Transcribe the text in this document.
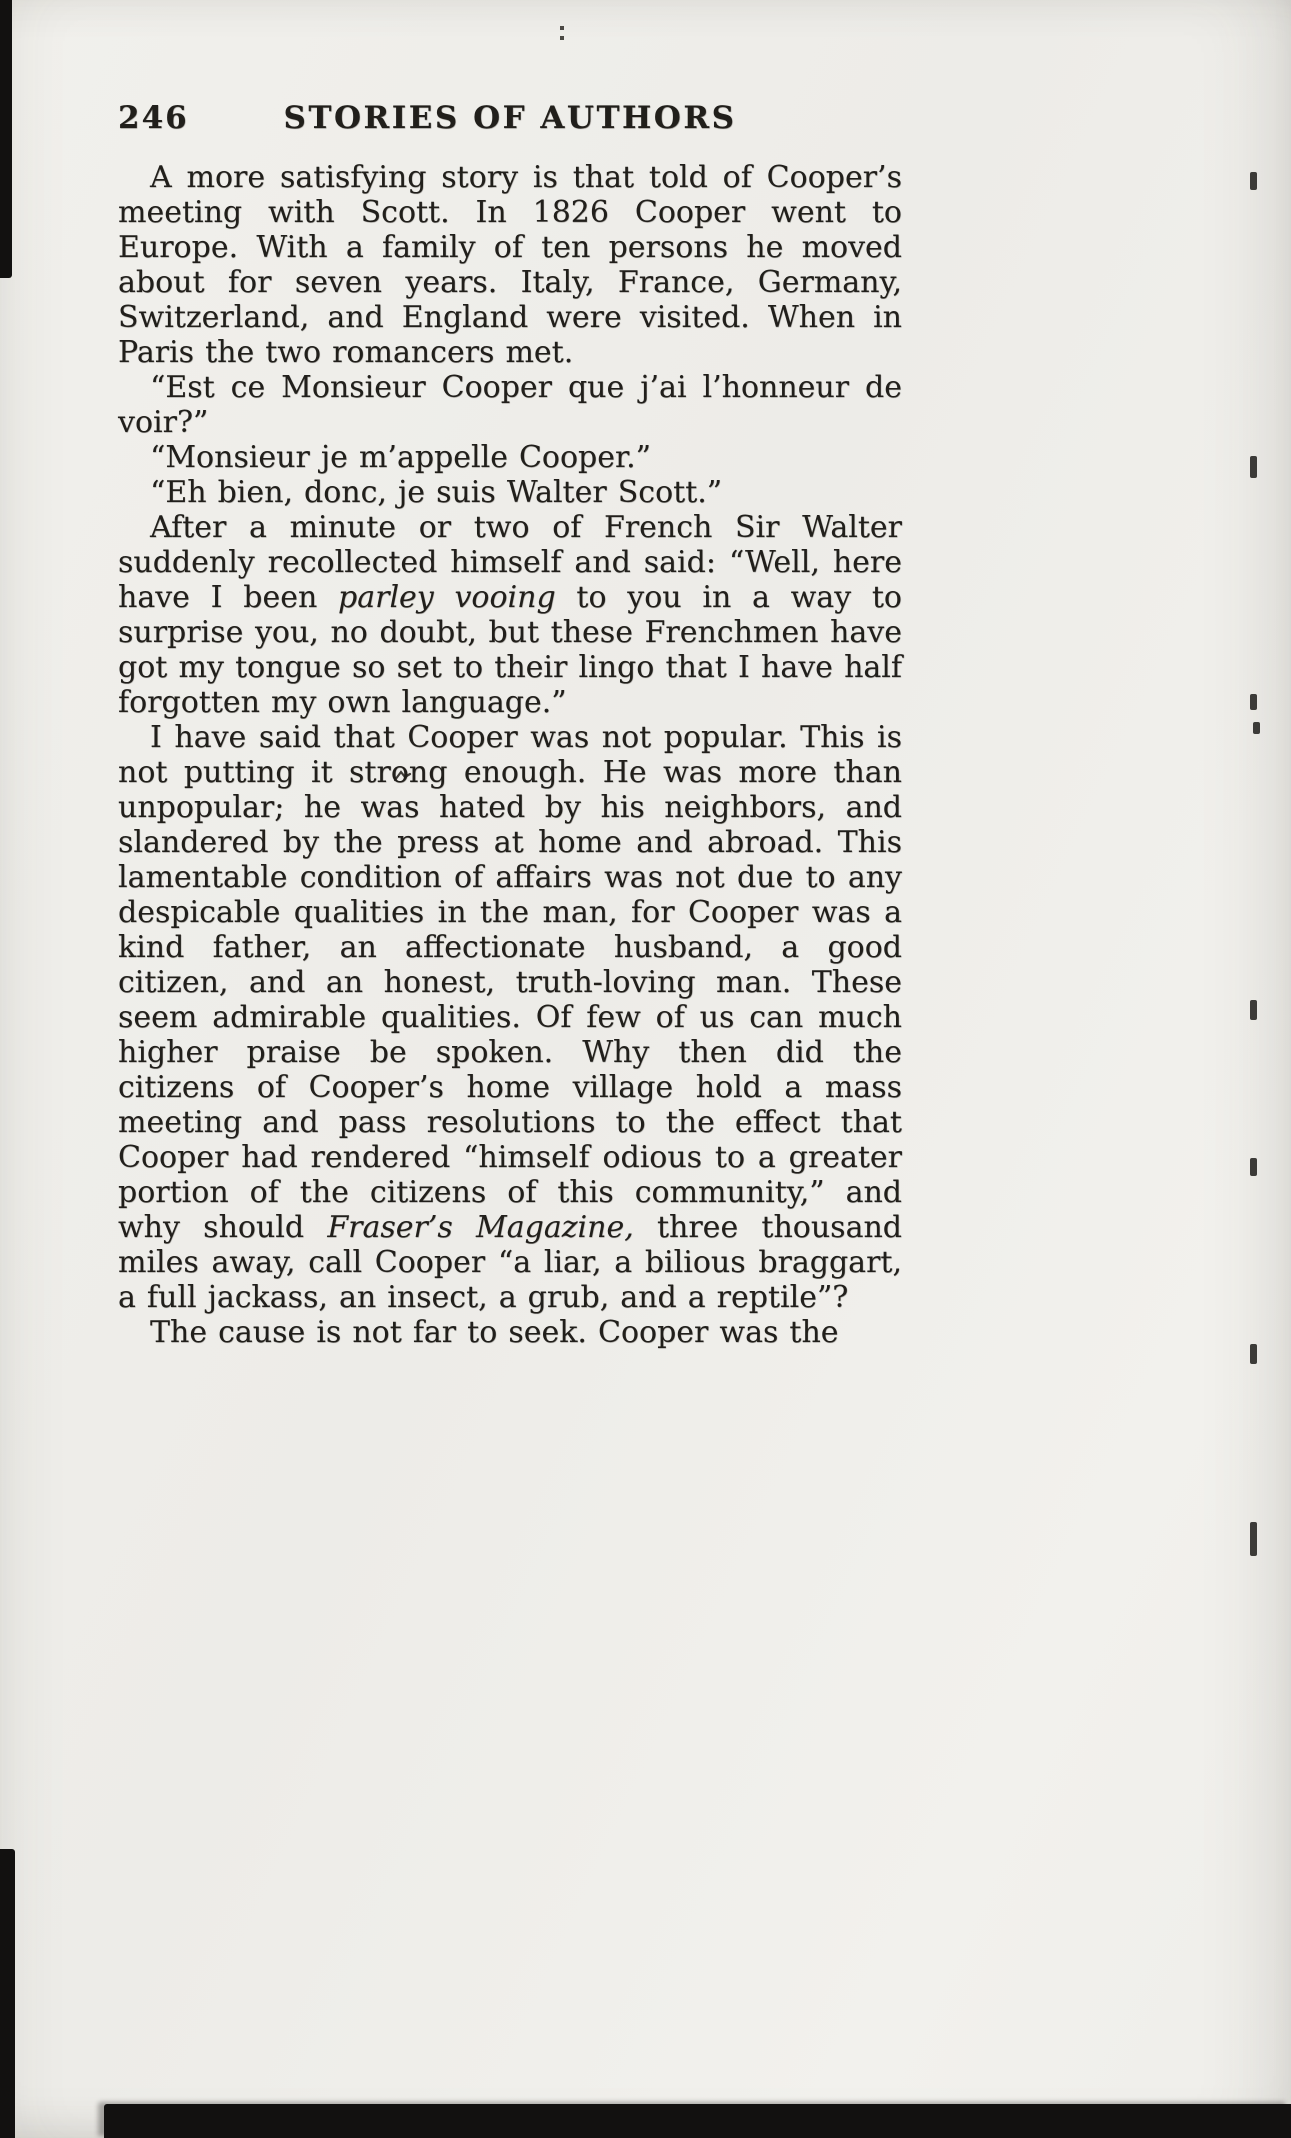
246	STORIES OF AUTHORS

A more satisfying story is that told of Cooper’s meeting with Scott. In 1826 Cooper went to Europe. With a family of ten persons he moved about for seven years. Italy, France, Germany, Switzerland, and England were visited. When in Paris the two romancers met.

“Est ce Monsieur Cooper que j’ai l’honneur de voir?”

“Monsieur je m’appelle Cooper.”

“Eh bien, donc, je suis Walter Scott.”

After a minute or two of French Sir Walter suddenly recollected himself and said: “Well, here have I been parley vooing to you in a way to surprise you, no doubt, but these Frenchmen have got my tongue so set to their lingo that I have half forgotten my own language.”

I have said that Cooper was not popular. This is not putting it strong enough. He was more than unpopular; he was hated by his neighbors, and slandered by the press at home and abroad. This lamentable condition of affairs was not due to any despicable qualities in the man, for Cooper was a kind father, an affectionate husband, a good citizen, and an honest, truth-loving man. These seem admirable qualities. Of few of us can much higher praise be spoken. Why then did the citizens of Cooper’s home village hold a mass meeting and pass resolutions to the effect that Cooper had rendered “himself odious to a greater portion of the citizens of this community,” and why should Fraser’s Magazine, three thousand miles away, call Cooper “a liar, a bilious braggart, a full jackass, an insect, a grub, and a reptile”?

The cause is not far to seek. Cooper was the
